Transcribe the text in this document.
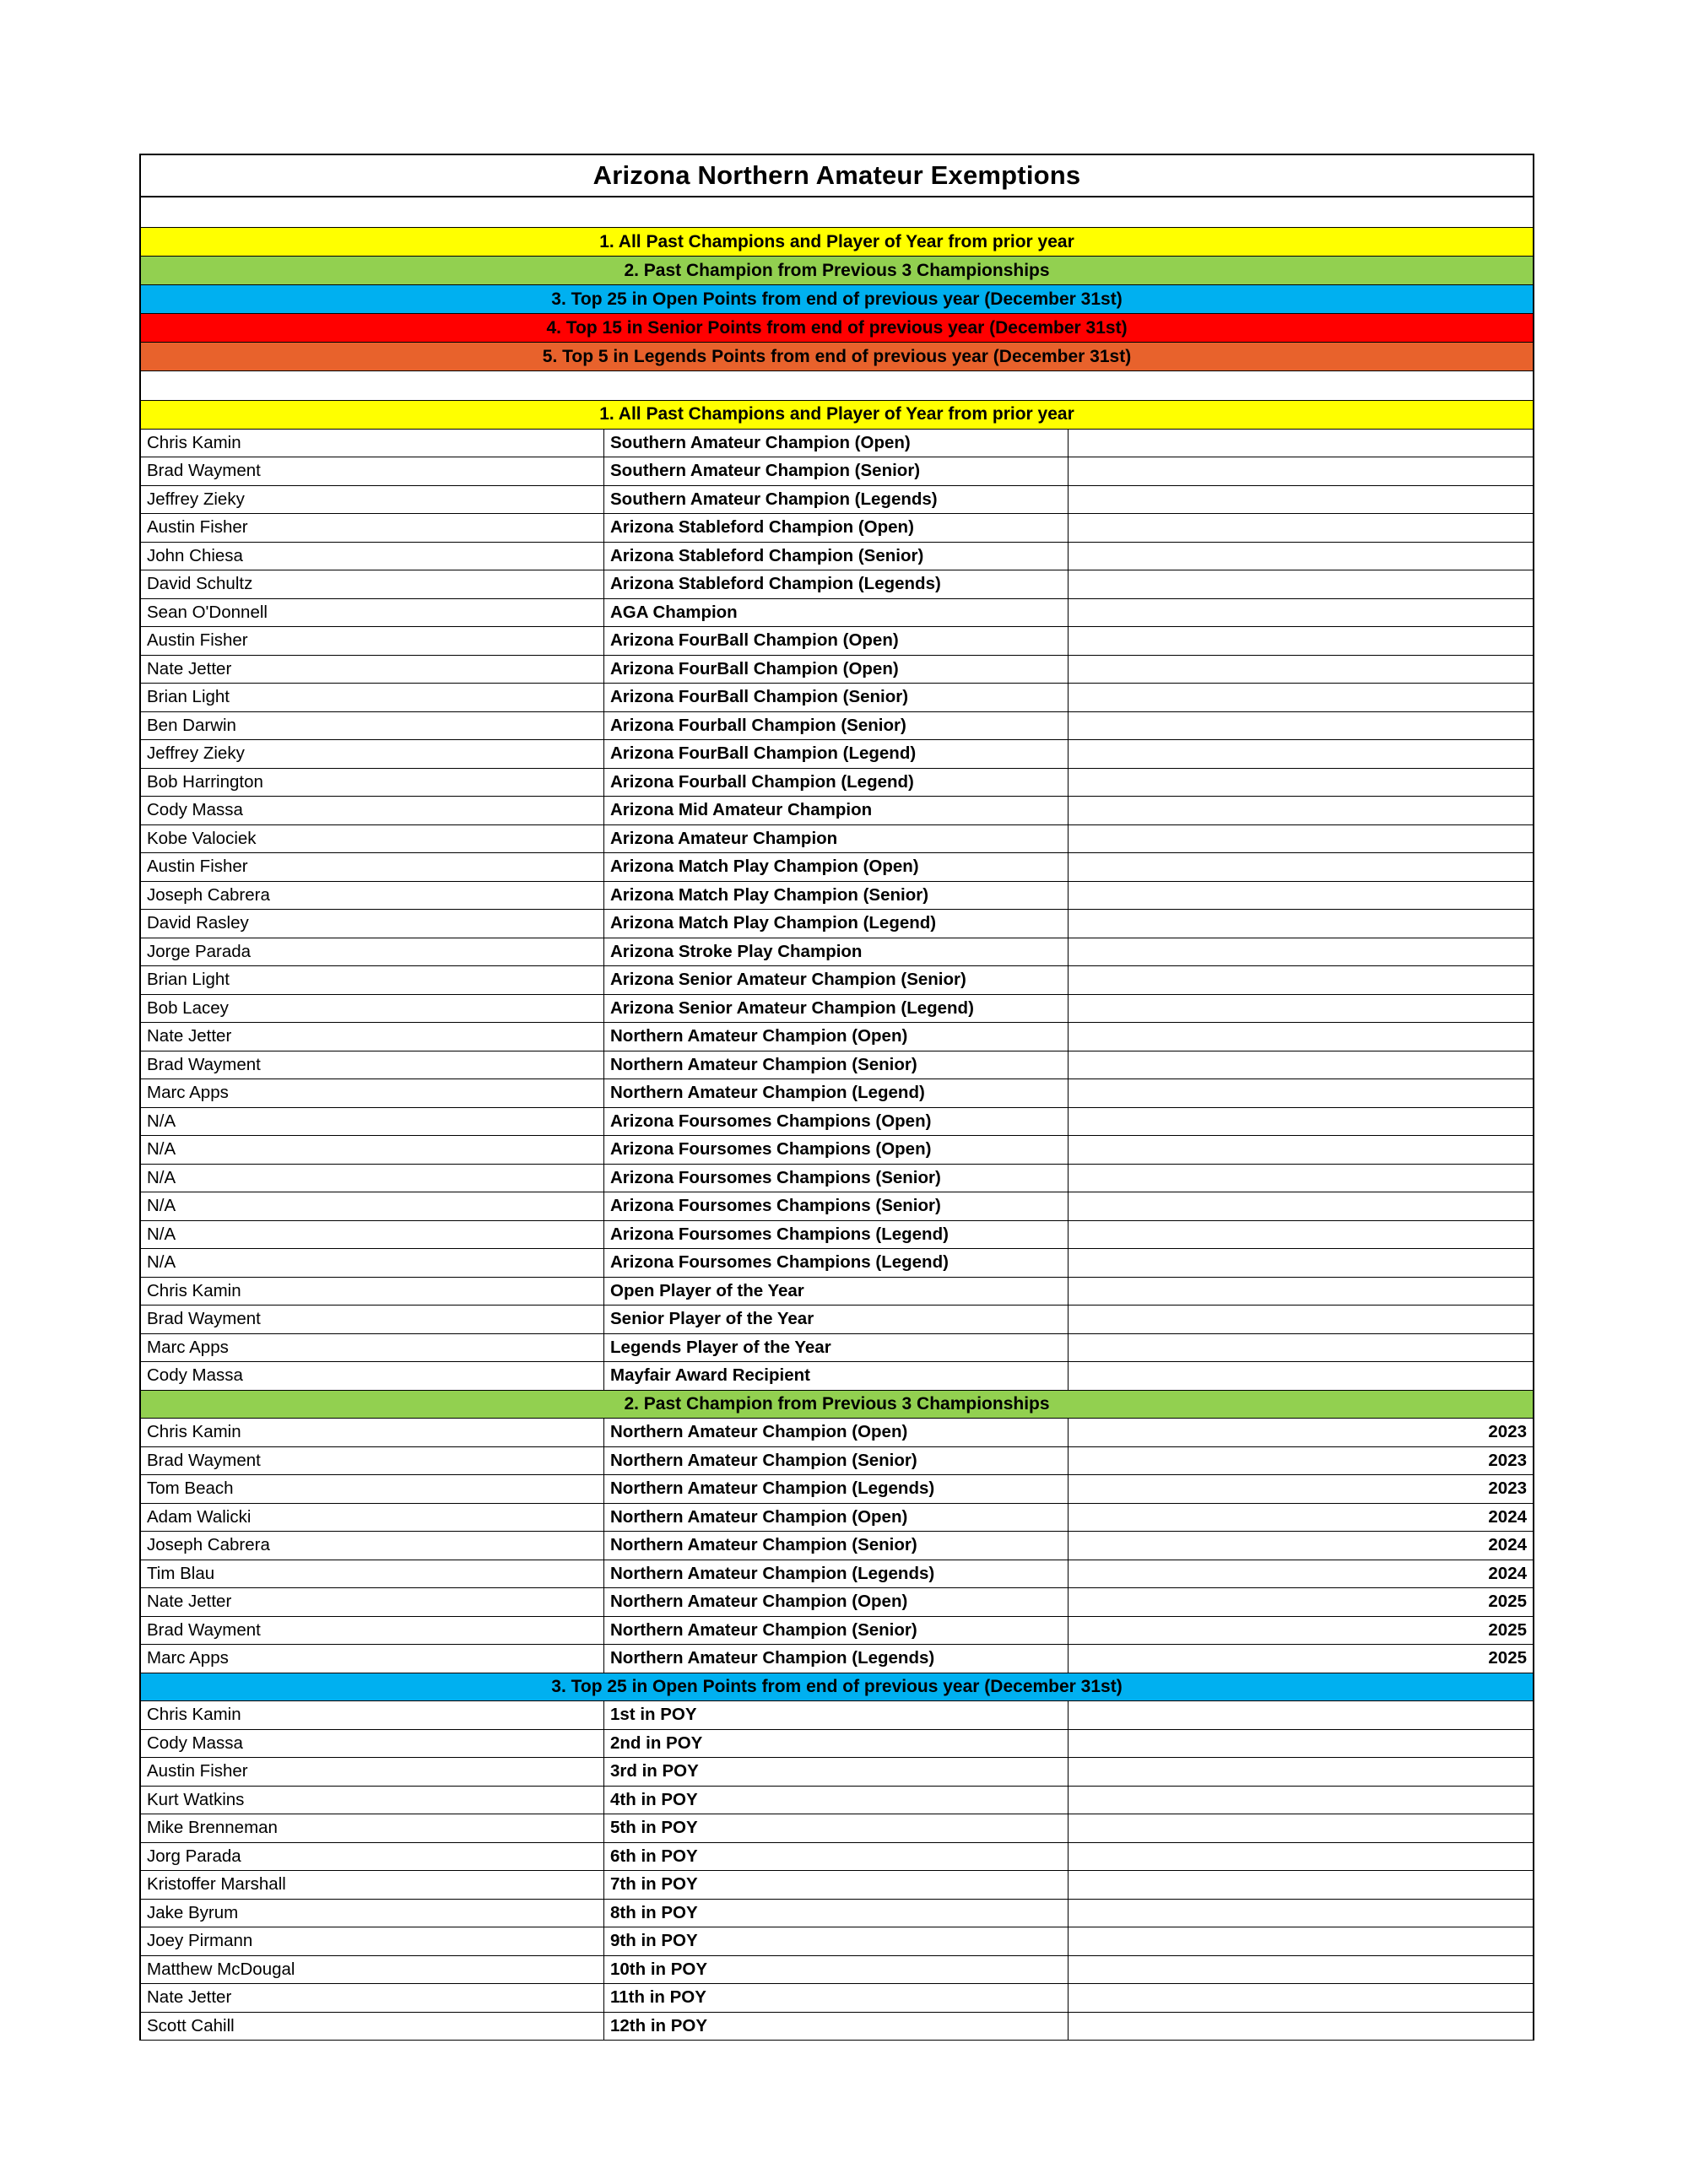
Arizona Northern Amateur Exemptions
1. All Past Champions and Player of Year from prior year
2. Past Champion from Previous 3 Championships
3. Top 25 in Open Points from end of previous year (December 31st)
4. Top 15 in Senior Points from end of previous year (December 31st)
5. Top 5 in Legends Points from end of previous year (December 31st)
1. All Past Champions and Player of Year from prior year
Chris Kamin	Southern Amateur Champion (Open)
Brad Wayment	Southern Amateur Champion (Senior)
Jeffrey Zieky	Southern Amateur Champion (Legends)
Austin Fisher	Arizona Stableford Champion (Open)
John Chiesa	Arizona Stableford Champion (Senior)
David Schultz	Arizona Stableford Champion (Legends)
Sean O'Donnell	AGA Champion
Austin Fisher	Arizona FourBall Champion (Open)
Nate Jetter	Arizona FourBall Champion (Open)
Brian Light	Arizona FourBall Champion (Senior)
Ben Darwin	Arizona Fourball Champion (Senior)
Jeffrey Zieky	Arizona FourBall Champion (Legend)
Bob Harrington	Arizona Fourball Champion (Legend)
Cody Massa	Arizona Mid Amateur Champion
Kobe Valociek	Arizona Amateur Champion
Austin Fisher	Arizona Match Play Champion (Open)
Joseph Cabrera	Arizona Match Play Champion (Senior)
David Rasley	Arizona Match Play Champion (Legend)
Jorge Parada	Arizona Stroke Play Champion
Brian Light	Arizona Senior Amateur Champion (Senior)
Bob Lacey	Arizona Senior Amateur Champion (Legend)
Nate Jetter	Northern Amateur Champion (Open)
Brad Wayment	Northern Amateur Champion (Senior)
Marc Apps	Northern Amateur Champion (Legend)
N/A	Arizona Foursomes Champions (Open)
N/A	Arizona Foursomes Champions (Open)
N/A	Arizona Foursomes Champions (Senior)
N/A	Arizona Foursomes Champions (Senior)
N/A	Arizona Foursomes Champions (Legend)
N/A	Arizona Foursomes Champions (Legend)
Chris Kamin	Open Player of the Year
Brad Wayment	Senior Player of the Year
Marc Apps	Legends Player of the Year
Cody Massa	Mayfair Award Recipient
2. Past Champion from Previous 3 Championships
Chris Kamin	Northern Amateur Champion (Open)	2023
Brad Wayment	Northern Amateur Champion (Senior)	2023
Tom Beach	Northern Amateur Champion (Legends)	2023
Adam Walicki	Northern Amateur Champion (Open)	2024
Joseph Cabrera	Northern Amateur Champion (Senior)	2024
Tim Blau	Northern Amateur Champion (Legends)	2024
Nate Jetter	Northern Amateur Champion (Open)	2025
Brad Wayment	Northern Amateur Champion (Senior)	2025
Marc Apps	Northern Amateur Champion (Legends)	2025
3. Top 25 in Open Points from end of previous year (December 31st)
Chris Kamin	1st in POY
Cody Massa	2nd in POY
Austin Fisher	3rd in POY
Kurt Watkins	4th in POY
Mike Brenneman	5th in POY
Jorg Parada	6th in POY
Kristoffer Marshall	7th in POY
Jake Byrum	8th in POY
Joey Pirmann	9th in POY
Matthew McDougal	10th in POY
Nate Jetter	11th in POY
Scott Cahill	12th in POY
